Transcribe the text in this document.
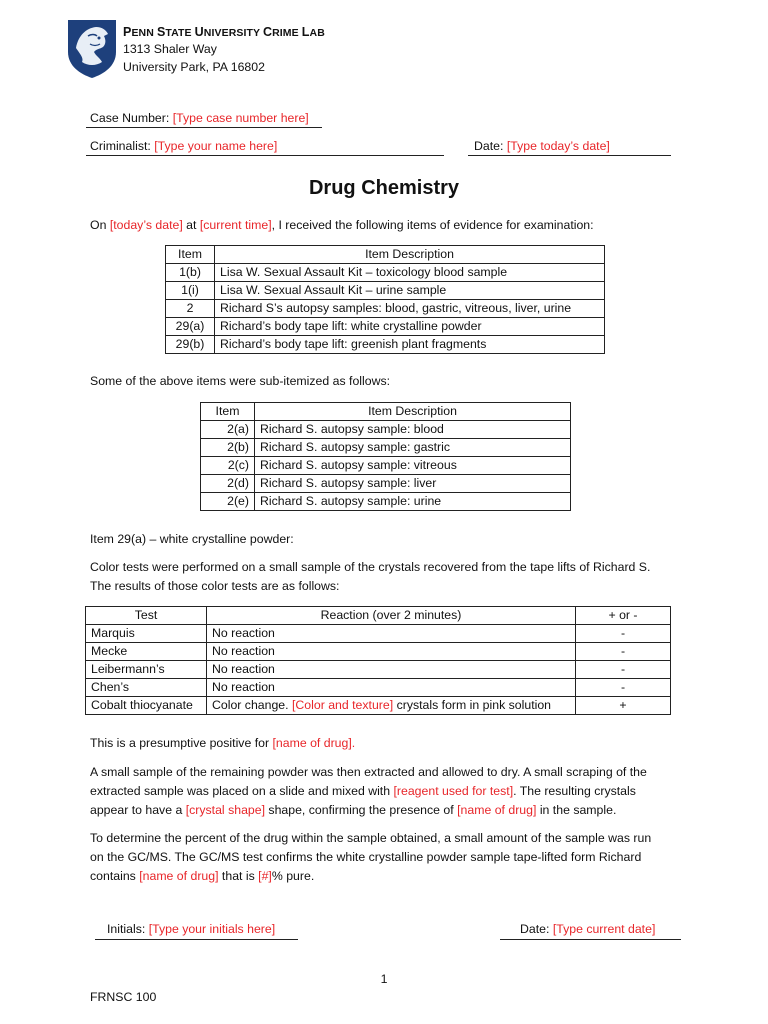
PENN STATE UNIVERSITY CRIME LAB
1313 Shaler Way
University Park, PA 16802
Case Number: [Type case number here]
Criminalist: [Type your name here]	Date: [Type today’s date]
Drug Chemistry

On [today’s date] at [current time], I received the following items of evidence for examination:

Item	Item Description
1(b)	Lisa W. Sexual Assault Kit – toxicology blood sample
1(i)	Lisa W. Sexual Assault Kit – urine sample
2	Richard S’s autopsy samples: blood, gastric, vitreous, liver, urine
29(a)	Richard’s body tape lift: white crystalline powder
29(b)	Richard’s body tape lift: greenish plant fragments

Some of the above items were sub-itemized as follows:

Item	Item Description
2(a)	Richard S. autopsy sample: blood
2(b)	Richard S. autopsy sample: gastric
2(c)	Richard S. autopsy sample: vitreous
2(d)	Richard S. autopsy sample: liver
2(e)	Richard S. autopsy sample: urine

Item 29(a) – white crystalline powder:

Color tests were performed on a small sample of the crystals recovered from the tape lifts of Richard S.
The results of those color tests are as follows:

Test	Reaction (over 2 minutes)	+ or -
Marquis	No reaction	-
Mecke	No reaction	-
Leibermann’s	No reaction	-
Chen’s	No reaction	-
Cobalt thiocyanate	Color change. [Color and texture] crystals form in pink solution	+

This is a presumptive positive for [name of drug].

A small sample of the remaining powder was then extracted and allowed to dry. A small scraping of the
extracted sample was placed on a slide and mixed with [reagent used for test]. The resulting crystals
appear to have a [crystal shape] shape, confirming the presence of [name of drug] in the sample.

To determine the percent of the drug within the sample obtained, a small amount of the sample was run
on the GC/MS. The GC/MS test confirms the white crystalline powder sample tape-lifted form Richard
contains [name of drug] that is [#]% pure.

Initials: [Type your initials here]	Date: [Type current date]
1
FRNSC 100
